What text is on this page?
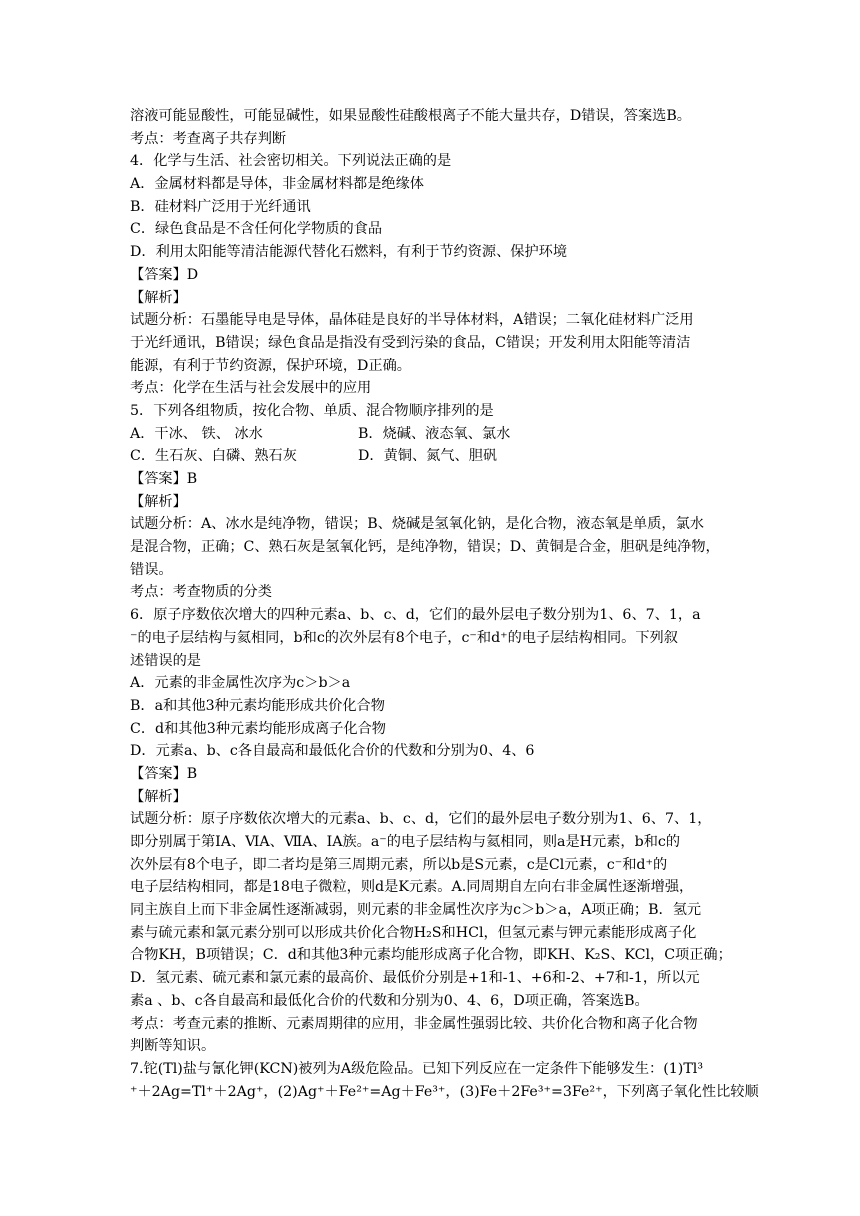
溶液可能显酸性，可能显碱性，如果显酸性硅酸根离子不能大量共存，D错误，答案选B。
考点：考查离子共存判断
4．化学与生活、社会密切相关。下列说法正确的是
A．金属材料都是导体，非金属材料都是绝缘体
B．硅材料广泛用于光纤通讯
C．绿色食品是不含任何化学物质的食品
D．利用太阳能等清洁能源代替化石燃料，有利于节约资源、保护环境
【答案】D
【解析】
试题分析：石墨能导电是导体，晶体硅是良好的半导体材料，A错误；二氧化硅材料广泛用
于光纤通讯，B错误；绿色食品是指没有受到污染的食品，C错误；开发利用太阳能等清洁
能源，有利于节约资源，保护环境，D正确。
考点：化学在生活与社会发展中的应用
5．下列各组物质，按化合物、单质、混合物顺序排列的是
A．干冰、 铁、 冰水	B．烧碱、液态氧、氯水
C．生石灰、白磷、熟石灰	D．黄铜、氮气、胆矾
【答案】B
【解析】
试题分析：A、冰水是纯净物，错误；B、烧碱是氢氧化钠，是化合物，液态氧是单质，氯水
是混合物，正确；C、熟石灰是氢氧化钙，是纯净物，错误；D、黄铜是合金，胆矾是纯净物，
错误。
考点：考查物质的分类
6．原子序数依次增大的四种元素a、b、c、d，它们的最外层电子数分别为1、6、7、1，a
⁻的电子层结构与氦相同，b和c的次外层有8个电子，c⁻和d⁺的电子层结构相同。下列叙
述错误的是
A．元素的非金属性次序为c＞b＞a
B．a和其他3种元素均能形成共价化合物
C．d和其他3种元素均能形成离子化合物
D．元素a、b、c各自最高和最低化合价的代数和分别为0、4、6
【答案】B
【解析】
试题分析：原子序数依次增大的元素a、b、c、d，它们的最外层电子数分别为1、6、7、1，
即分别属于第IA、ⅥA、ⅦA、IA族。a⁻的电子层结构与氦相同，则a是H元素，b和c的
次外层有8个电子，即二者均是第三周期元素，所以b是S元素，c是Cl元素，c⁻和d⁺的
电子层结构相同，都是18电子微粒，则d是K元素。A.同周期自左向右非金属性逐渐增强，
同主族自上而下非金属性逐渐减弱，则元素的非金属性次序为c＞b＞a，A项正确；B．氢元
素与硫元素和氯元素分别可以形成共价化合物H₂S和HCl，但氢元素与钾元素能形成离子化
合物KH，B项错误；C．d和其他3种元素均能形成离子化合物，即KH、K₂S、KCl，C项正确；
D．氢元素、硫元素和氯元素的最高价、最低价分别是+1和-1、+6和-2、+7和-1，所以元
素a 、b、c各自最高和最低化合价的代数和分别为0、4、6，D项正确，答案选B。
考点：考查元素的推断、元素周期律的应用，非金属性强弱比较、共价化合物和离子化合物
判断等知识。
7.铊(Tl)盐与氰化钾(KCN)被列为A级危险品。已知下列反应在一定条件下能够发生：(1)Tl³
⁺＋2Ag=Tl⁺＋2Ag⁺，(2)Ag⁺＋Fe²⁺=Ag＋Fe³⁺，(3)Fe＋2Fe³⁺=3Fe²⁺，下列离子氧化性比较顺
